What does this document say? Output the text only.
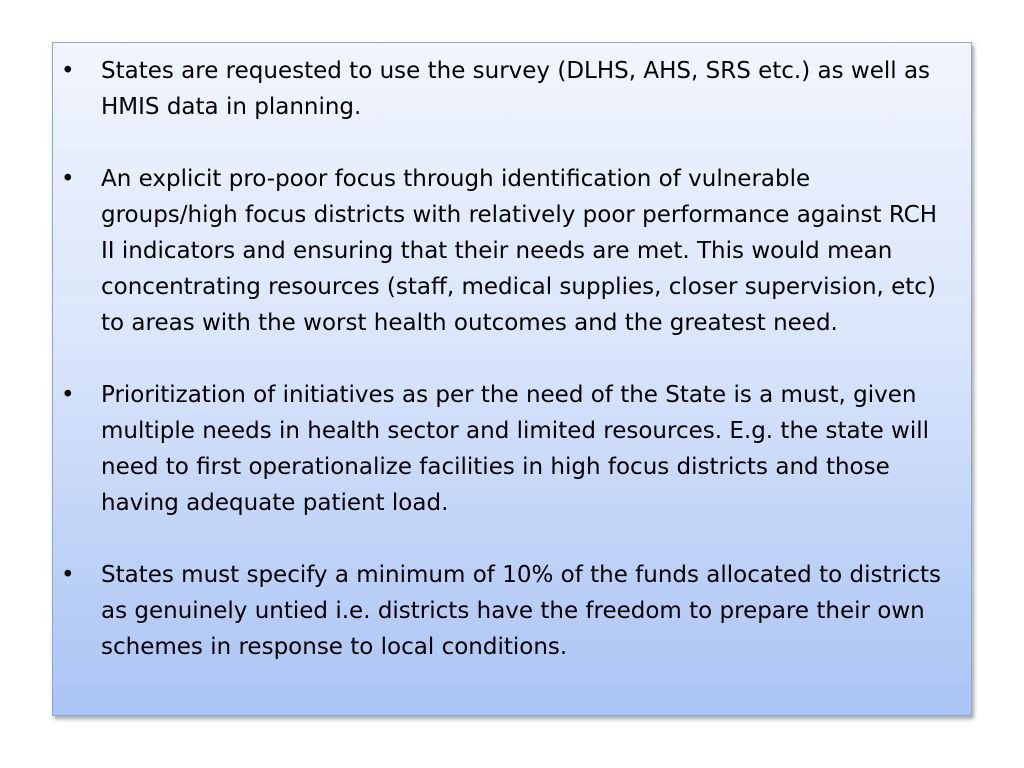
•	States are requested to use the survey (DLHS, AHS, SRS etc.) as well as HMIS data in planning.
•	An explicit pro-poor focus through identification of vulnerable groups/high focus districts with relatively poor performance against RCH II indicators and ensuring that their needs are met. This would mean concentrating resources (staff, medical supplies, closer supervision, etc) to areas with the worst health outcomes and the greatest need.
•	Prioritization of initiatives as per the need of the State is a must, given multiple needs in health sector and limited resources. E.g. the state will need to first operationalize facilities in high focus districts and those having adequate patient load.
•	States must specify a minimum of 10% of the funds allocated to districts as genuinely untied i.e. districts have the freedom to prepare their own schemes in response to local conditions.
